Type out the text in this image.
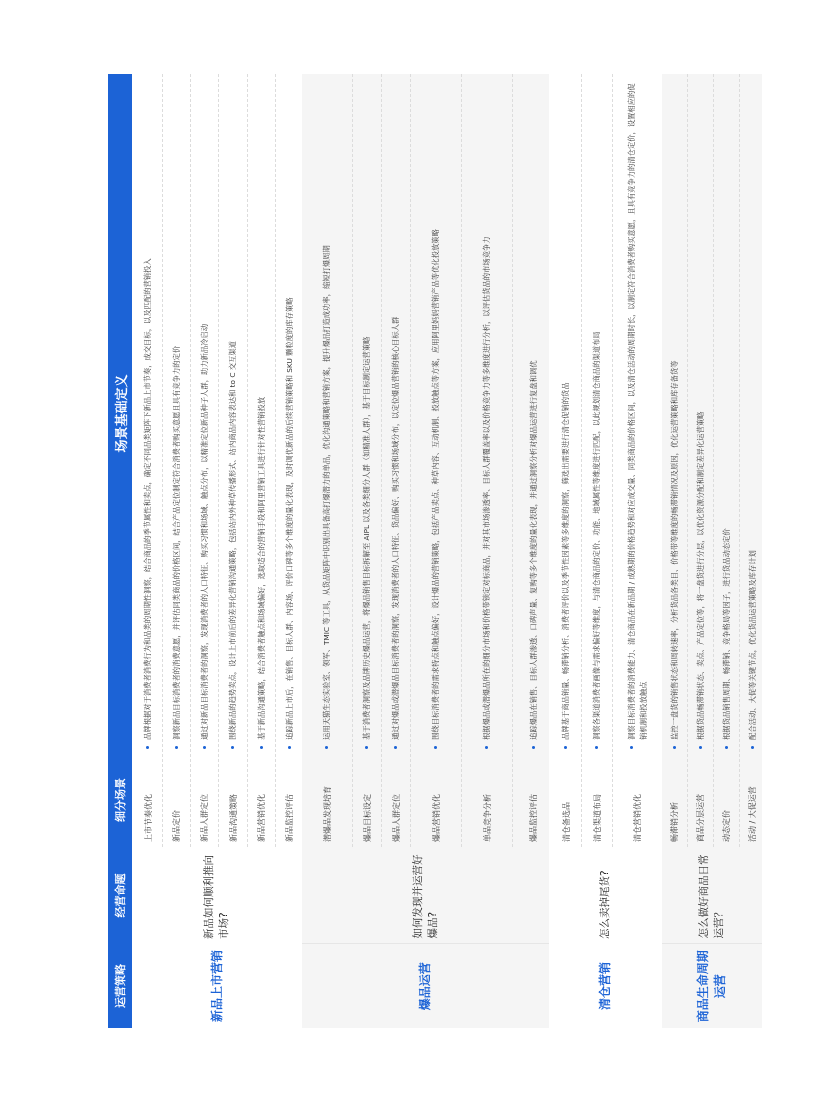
运营策略
经营命题
细分场景
场景基础定义
新品上市营销
新品如何顺利推向市场?
上市节奏优化
品牌根据对于消费者消费行为和品类的周期性洞察，结合商品的季节属性和卖点，确定不同品类矩阵下新品上市节奏，成交目标，以及匹配的营销投入
新品定价
洞察新品目标消费者的消费意愿，并评估同类商品的价格区间，结合产品定位制定符合消费者购买意愿且具有竞争力的定价
新品人群定位
通过对新品目标消费者的洞察，发现消费者的人口特征、购买习惯和场域、触点分布，以精准定位新品种子人群，助力新品冷启动
新品沟通策略
围绕新品的趋势卖点，设计上市前后的差异化营销沟通策略，包括站内外种草传播形式、站内商品内容表达和 to C 交互渠道
新品营销优化
基于新品沟通策略，结合消费者触点和场域偏好，选取适合的营销手段和阿里营销工具进行针对性营销投放
新品监控评估
追踪新品上市后，在销售、目标人群、内容场、评价口碑等多个维度的量化表现，及时调优新品的后续营销策略和 SKU 颗粒度的库存策略
爆品运营
如何发现并运营好爆品?
潜爆品发现培育
运用天猫生态实验室、领军、TMIC 等工具，从货品矩阵中识别出具备高打爆潜力的单品，优化沟通策略和营销方案，提升爆品打造成功率，缩短打爆周期
爆品目标设定
基于消费者洞察及品牌历史爆品运营，将爆品销售目标拆解至 AIPL 以及各类细分人群（如精准人群），基于目标制定运营策略
爆品人群定位
通过对爆品或潜爆品目标消费者的洞察，发现消费者的人口特征、货品偏好、购买习惯和场域分布，以定位爆品营销的核心目标人群
爆品营销优化
围绕目标消费者的需求特点和触点偏好，设计爆品的营销策略，包括产品卖点、种草内容、互动机制、投放触点等方案，应用阿里妈妈营销产品等优化投放策略
单品竞争分析
根据爆品或潜爆品所在的细分市场和价格带锁定对标商品，并对其市场渗透率、目标人群覆盖率以及价格竞争力等多维度进行分析，以评估货品的市场竞争力
爆品监控评估
追踪爆品在销售、目标人群渗透、口碑声量、复购等多个维度的量化表现，并通过洞察分析对爆品运营进行复盘和调优
清仓营销
怎么卖掉尾货?
清仓备选品
品牌基于商品销量、畅滞销分析、消费者评价以及季节性因素等多维度的洞察，筛选出需要进行清仓促销的货品
清仓渠道布局
洞察各渠道消费者画像与需求偏好等维度，与清仓商品的定价、功能、地域属性等维度进行匹配，以此规划清仓商品的渠道布局
清仓营销优化
洞察目标消费者的消费能力、清仓商品在新品期 / 成熟期的价格趋势和对应成交量、同类商品的价格区间，以及清仓活动的周期时长，以制定符合消费者购买意愿，且具有竞争力的清仓定价，设置相应的促销机制和投放触点
商品生命周期运营
怎么做好商品日常运营？
畅滞销分析
监控一盘货的销售状态和周转速率，分析货品各类目、价格带等维度的畅滞销情况及原因，优化运营策略和库存备货等
商品分层运营
根据货品畅滞销状态、卖点、产品定位等，将一盘货进行分层，以优化资源分配和制定差异化运营策略
动态定价
根据货品销售周期、畅滞销、竞争格局等因子，进行货品动态定价
活动 / 大促运营
配合活动、大促等关键节点，优化货品运营策略及库存计划
